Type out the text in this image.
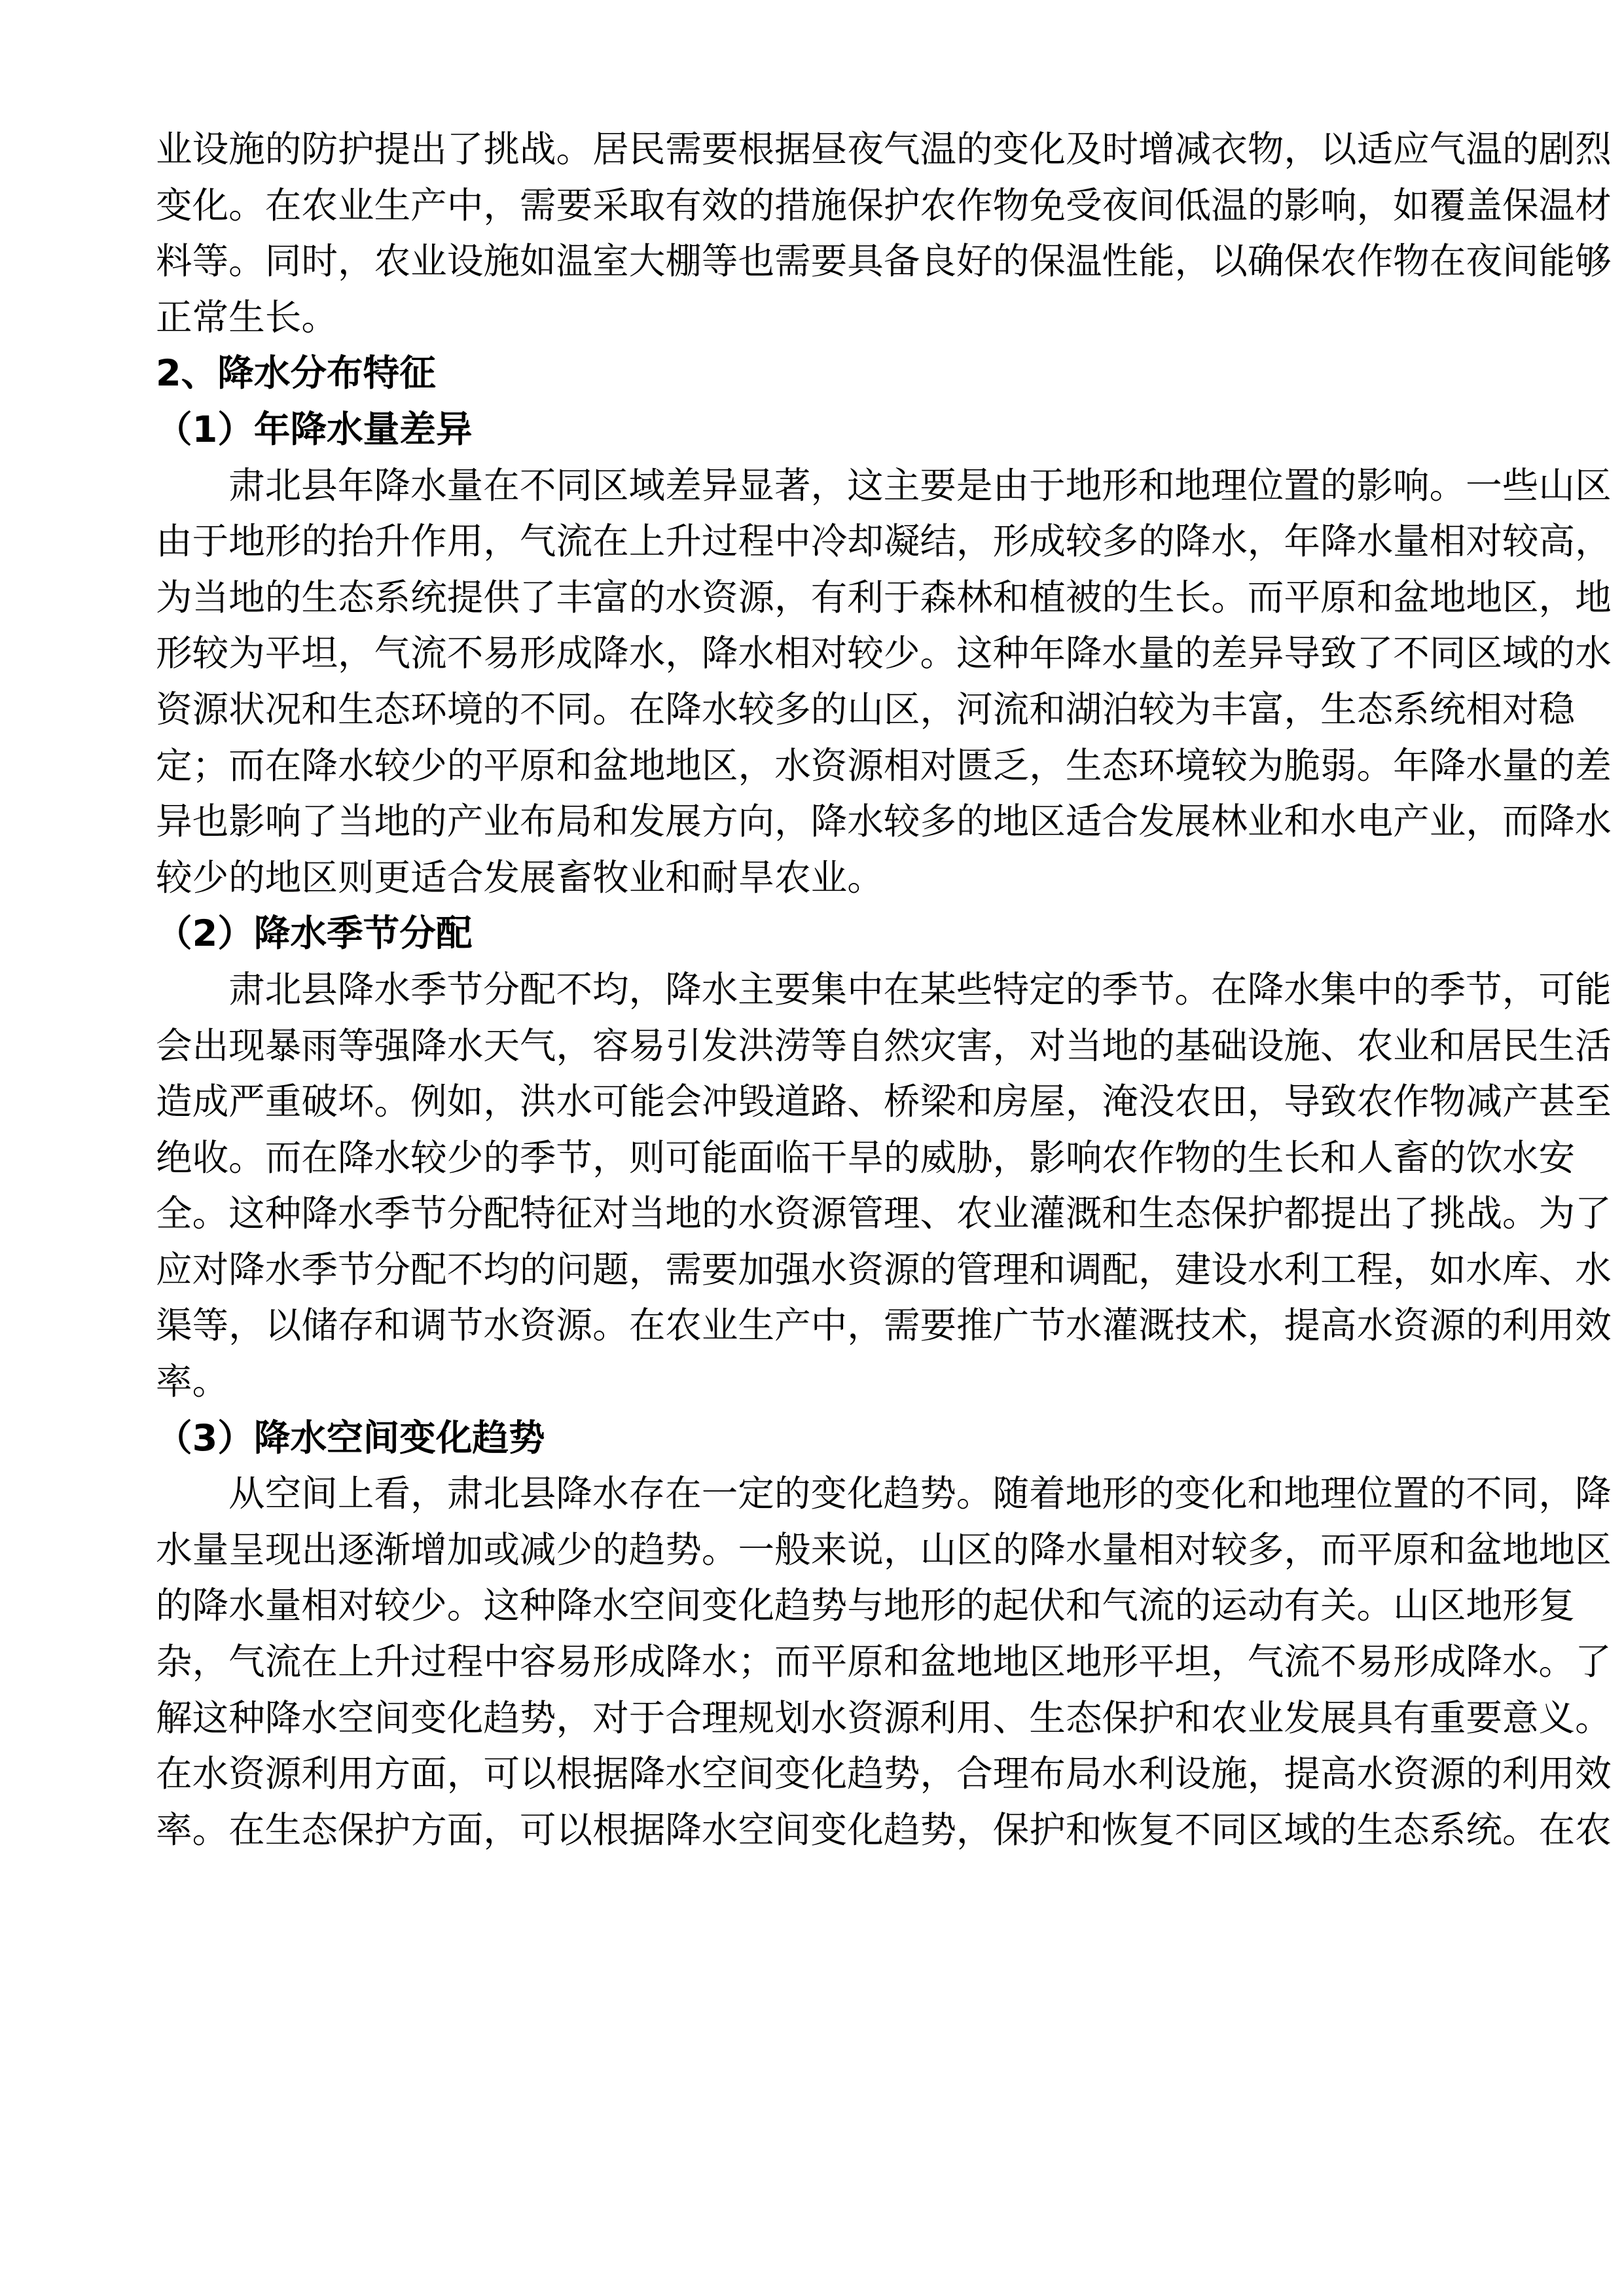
业设施的防护提出了挑战。居民需要根据昼夜气温的变化及时增减衣物，以适应气温的剧烈
变化。在农业生产中，需要采取有效的措施保护农作物免受夜间低温的影响，如覆盖保温材
料等。同时，农业设施如温室大棚等也需要具备良好的保温性能，以确保农作物在夜间能够
正常生长。
2、降水分布特征
（1）年降水量差异
肃北县年降水量在不同区域差异显著，这主要是由于地形和地理位置的影响。一些山区
由于地形的抬升作用，气流在上升过程中冷却凝结，形成较多的降水，年降水量相对较高，
为当地的生态系统提供了丰富的水资源，有利于森林和植被的生长。而平原和盆地地区，地
形较为平坦，气流不易形成降水，降水相对较少。这种年降水量的差异导致了不同区域的水
资源状况和生态环境的不同。在降水较多的山区，河流和湖泊较为丰富，生态系统相对稳
定；而在降水较少的平原和盆地地区，水资源相对匮乏，生态环境较为脆弱。年降水量的差
异也影响了当地的产业布局和发展方向，降水较多的地区适合发展林业和水电产业，而降水
较少的地区则更适合发展畜牧业和耐旱农业。
（2）降水季节分配
肃北县降水季节分配不均，降水主要集中在某些特定的季节。在降水集中的季节，可能
会出现暴雨等强降水天气，容易引发洪涝等自然灾害，对当地的基础设施、农业和居民生活
造成严重破坏。例如，洪水可能会冲毁道路、桥梁和房屋，淹没农田，导致农作物减产甚至
绝收。而在降水较少的季节，则可能面临干旱的威胁，影响农作物的生长和人畜的饮水安
全。这种降水季节分配特征对当地的水资源管理、农业灌溉和生态保护都提出了挑战。为了
应对降水季节分配不均的问题，需要加强水资源的管理和调配，建设水利工程，如水库、水
渠等，以储存和调节水资源。在农业生产中，需要推广节水灌溉技术，提高水资源的利用效
率。
（3）降水空间变化趋势
从空间上看，肃北县降水存在一定的变化趋势。随着地形的变化和地理位置的不同，降
水量呈现出逐渐增加或减少的趋势。一般来说，山区的降水量相对较多，而平原和盆地地区
的降水量相对较少。这种降水空间变化趋势与地形的起伏和气流的运动有关。山区地形复
杂，气流在上升过程中容易形成降水；而平原和盆地地区地形平坦，气流不易形成降水。了
解这种降水空间变化趋势，对于合理规划水资源利用、生态保护和农业发展具有重要意义。
在水资源利用方面，可以根据降水空间变化趋势，合理布局水利设施，提高水资源的利用效
率。在生态保护方面，可以根据降水空间变化趋势，保护和恢复不同区域的生态系统。在农
